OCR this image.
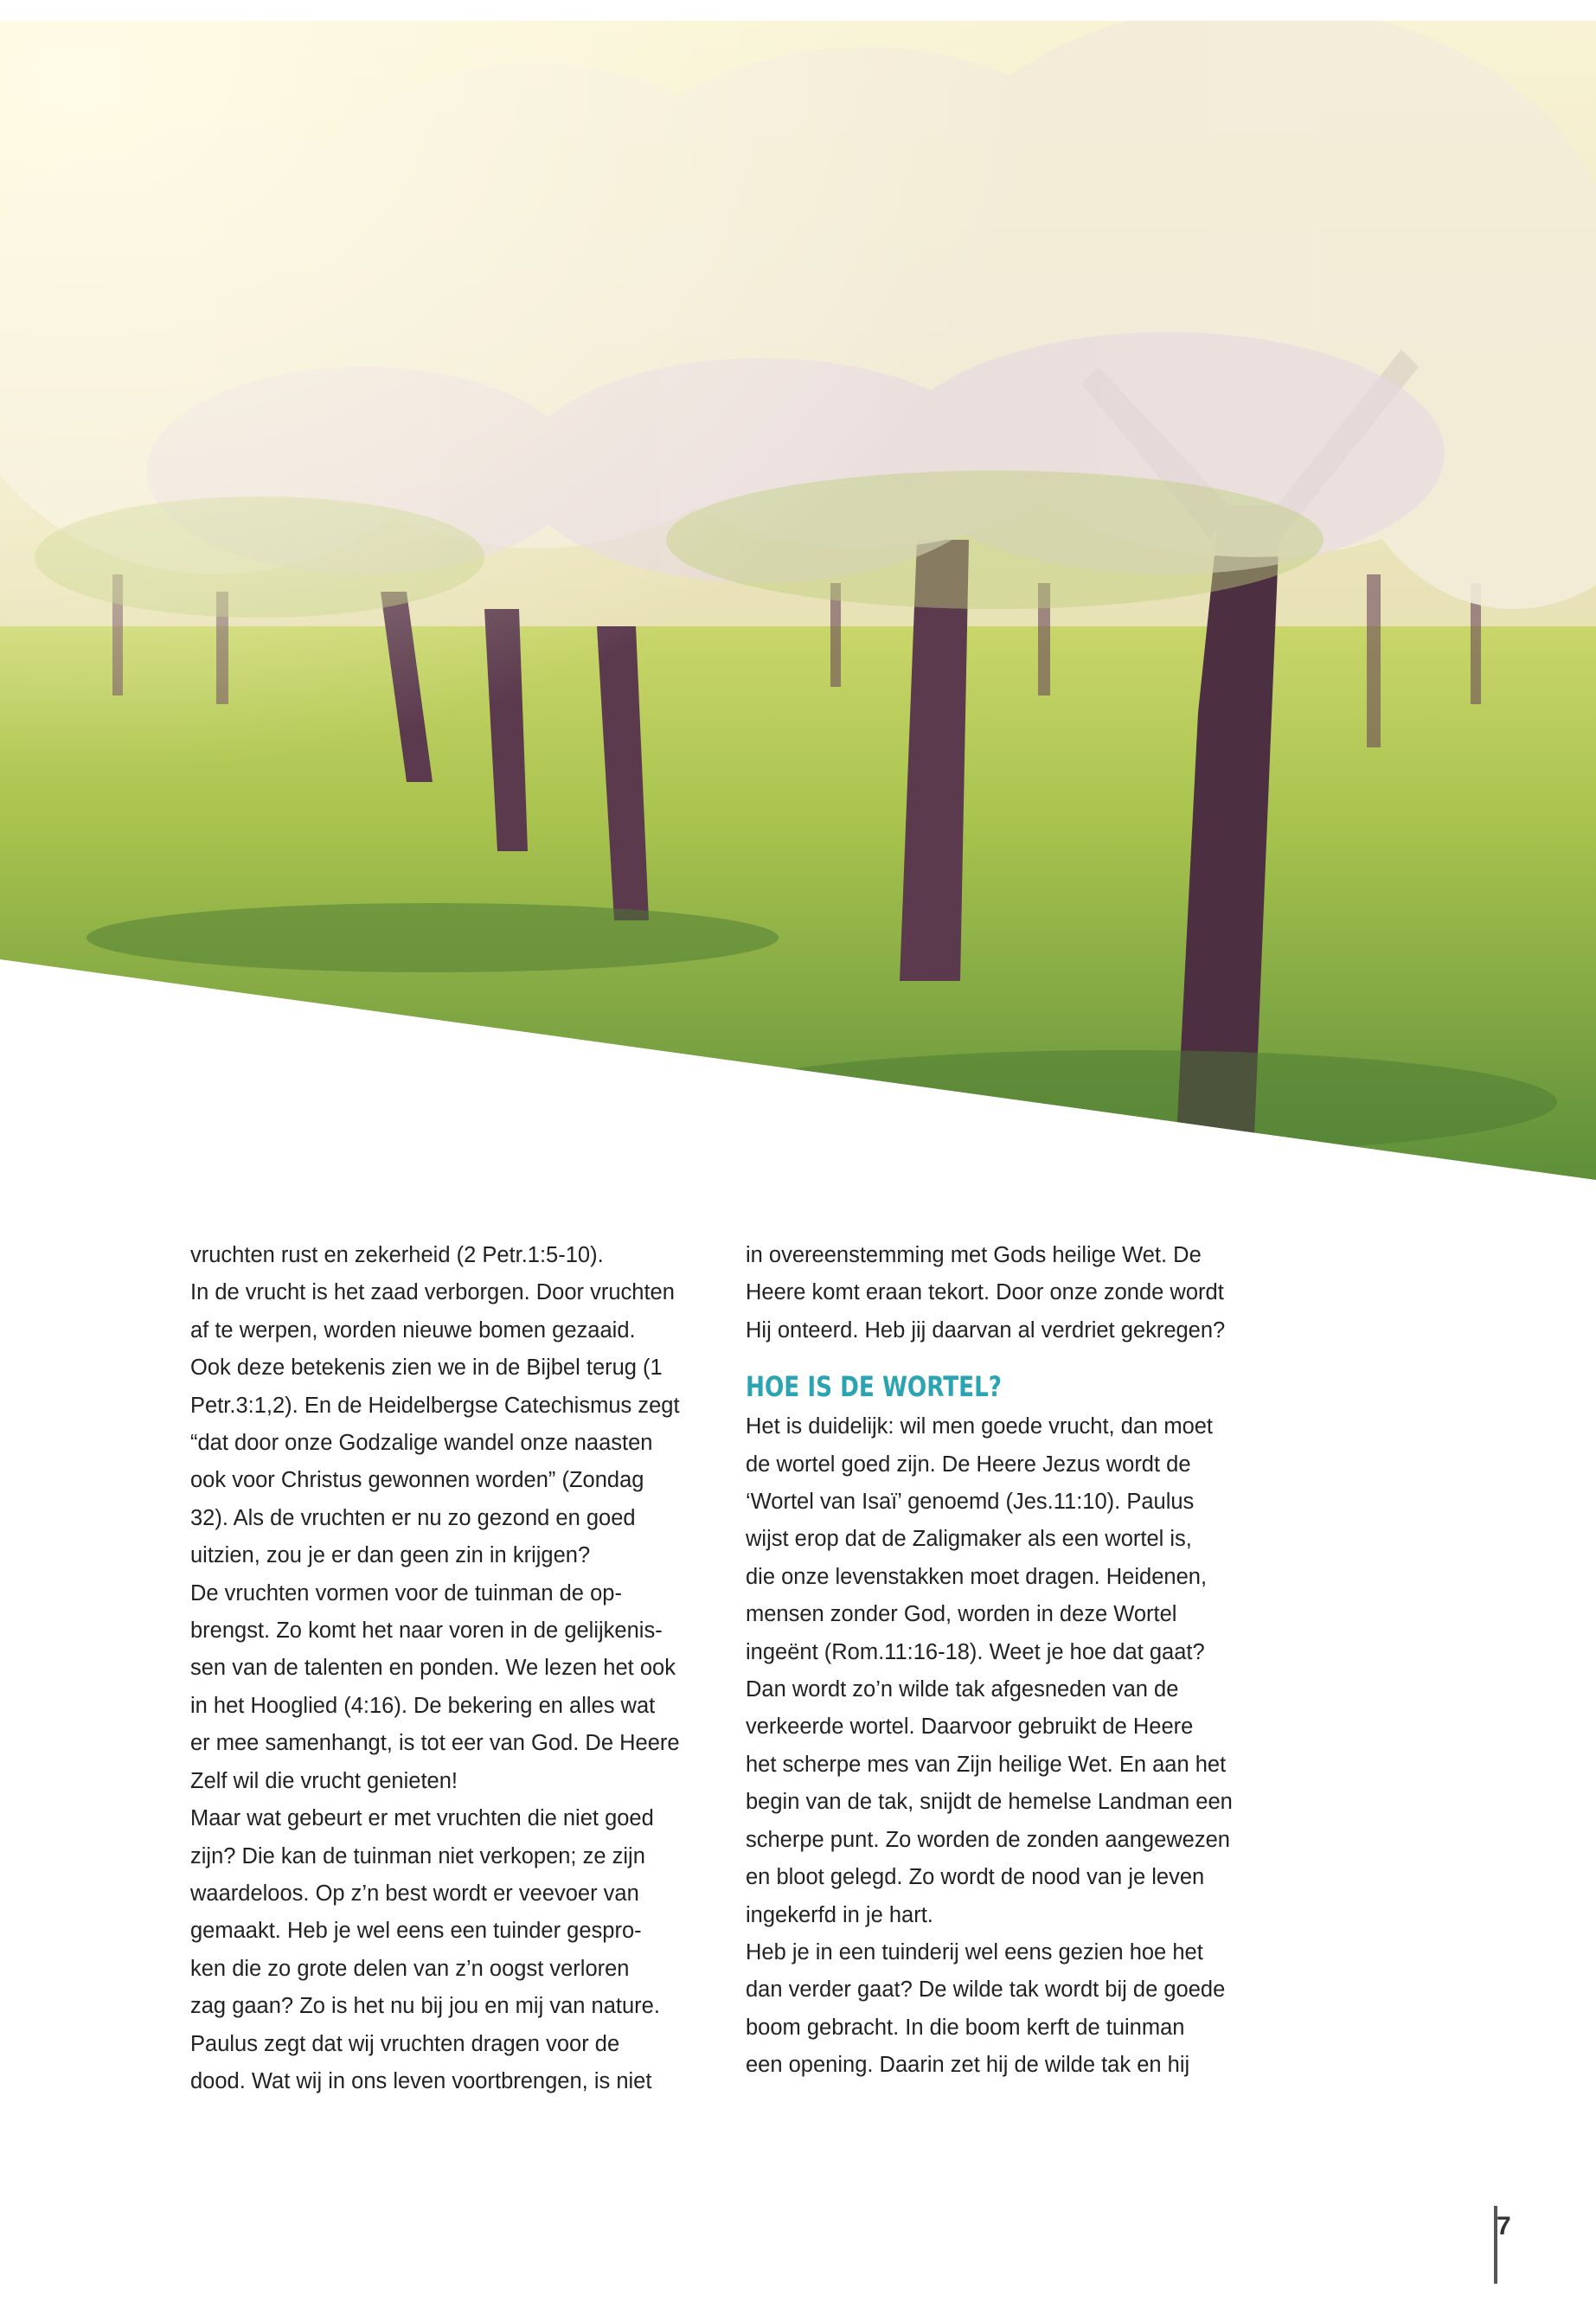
vruchten rust en zekerheid (2 Petr.1:5-10).

In de vrucht is het zaad verborgen. Door vruchten

af te werpen, worden nieuwe bomen gezaaid.

Ook deze betekenis zien we in de Bijbel terug (1

Petr.3:1,2). En de Heidelbergse Catechismus zegt

“dat door onze Godzalige wandel onze naasten

ook voor Christus gewonnen worden” (Zondag

32). Als de vruchten er nu zo gezond en goed

uitzien, zou je er dan geen zin in krijgen?

De vruchten vormen voor de tuinman de op-

brengst. Zo komt het naar voren in de gelijkenis-

sen van de talenten en ponden. We lezen het ook

in het Hooglied (4:16). De bekering en alles wat

er mee samenhangt, is tot eer van God. De Heere

Zelf wil die vrucht genieten!

Maar wat gebeurt er met vruchten die niet goed

zijn? Die kan de tuinman niet verkopen; ze zijn

waardeloos. Op z’n best wordt er veevoer van

gemaakt. Heb je wel eens een tuinder gespro-

ken die zo grote delen van z’n oogst verloren

zag gaan? Zo is het nu bij jou en mij van nature.

Paulus zegt dat wij vruchten dragen voor de

dood. Wat wij in ons leven voortbrengen, is niet

in overeenstemming met Gods heilige Wet. De

Heere komt eraan tekort. Door onze zonde wordt

Hij onteerd. Heb jij daarvan al verdriet gekregen?

HOE IS DE WORTEL?

Het is duidelijk: wil men goede vrucht, dan moet

de wortel goed zijn. De Heere Jezus wordt de

‘Wortel van Isaï’ genoemd (Jes.11:10). Paulus

wijst erop dat de Zaligmaker als een wortel is,

die onze levenstakken moet dragen. Heidenen,

mensen zonder God, worden in deze Wortel

ingeënt (Rom.11:16-18). Weet je hoe dat gaat?

Dan wordt zo’n wilde tak afgesneden van de

verkeerde wortel. Daarvoor gebruikt de Heere

het scherpe mes van Zijn heilige Wet. En aan het

begin van de tak, snijdt de hemelse Landman een

scherpe punt. Zo worden de zonden aangewezen

en bloot gelegd. Zo wordt de nood van je leven

ingekerfd in je hart.

Heb je in een tuinderij wel eens gezien hoe het

dan verder gaat? De wilde tak wordt bij de goede

boom gebracht. In die boom kerft de tuinman

een opening. Daarin zet hij de wilde tak en hij

7
